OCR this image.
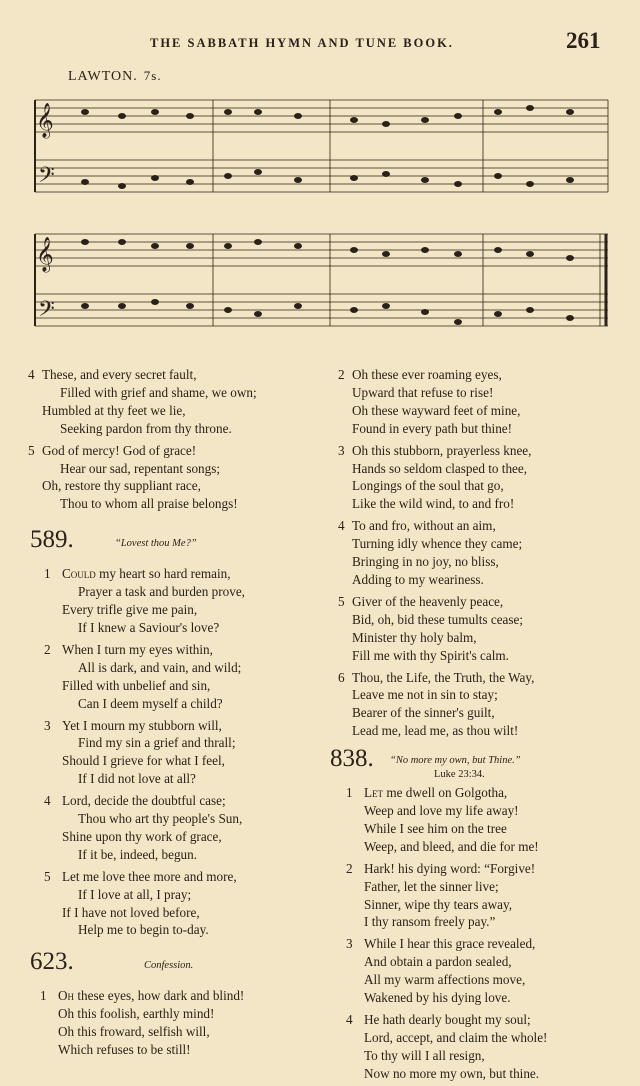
THE SABBATH HYMN AND TUNE BOOK.	261
LAWTON. 7s.
𝄞
𝄢
𝄞
𝄢
4 These, and every secret fault,
Filled with grief and shame, we own;
Humbled at thy feet we lie,
Seeking pardon from thy throne.
5 God of mercy! God of grace!
Hear our sad, repentant songs;
Oh, restore thy suppliant race,
Thou to whom all praise belongs!
589.	“Lovest thou Me?”
1 Could my heart so hard remain,
Prayer a task and burden prove,
Every trifle give me pain,
If I knew a Saviour's love?
2 When I turn my eyes within,
All is dark, and vain, and wild;
Filled with unbelief and sin,
Can I deem myself a child?
3 Yet I mourn my stubborn will,
Find my sin a grief and thrall;
Should I grieve for what I feel,
If I did not love at all?
4 Lord, decide the doubtful case;
Thou who art thy people's Sun,
Shine upon thy work of grace,
If it be, indeed, begun.
5 Let me love thee more and more,
If I love at all, I pray;
If I have not loved before,
Help me to begin to-day.
623.	Confession.
1 Oh these eyes, how dark and blind!
Oh this foolish, earthly mind!
Oh this froward, selfish will,
Which refuses to be still!
2 Oh these ever roaming eyes,
Upward that refuse to rise!
Oh these wayward feet of mine,
Found in every path but thine!
3 Oh this stubborn, prayerless knee,
Hands so seldom clasped to thee,
Longings of the soul that go,
Like the wild wind, to and fro!
4 To and fro, without an aim,
Turning idly whence they came;
Bringing in no joy, no bliss,
Adding to my weariness.
5 Giver of the heavenly peace,
Bid, oh, bid these tumults cease;
Minister thy holy balm,
Fill me with thy Spirit's calm.
6 Thou, the Life, the Truth, the Way,
Leave me not in sin to stay;
Bearer of the sinner's guilt,
Lead me, lead me, as thou wilt!
838. “No more my own, but Thine.”
Luke 23:34.
1 Let me dwell on Golgotha,
Weep and love my life away!
While I see him on the tree
Weep, and bleed, and die for me!
2 Hark! his dying word: “Forgive!
Father, let the sinner live;
Sinner, wipe thy tears away,
I thy ransom freely pay.”
3 While I hear this grace revealed,
And obtain a pardon sealed,
All my warm affections move,
Wakened by his dying love.
4 He hath dearly bought my soul;
Lord, accept, and claim the whole!
To thy will I all resign,
Now no more my own, but thine.
